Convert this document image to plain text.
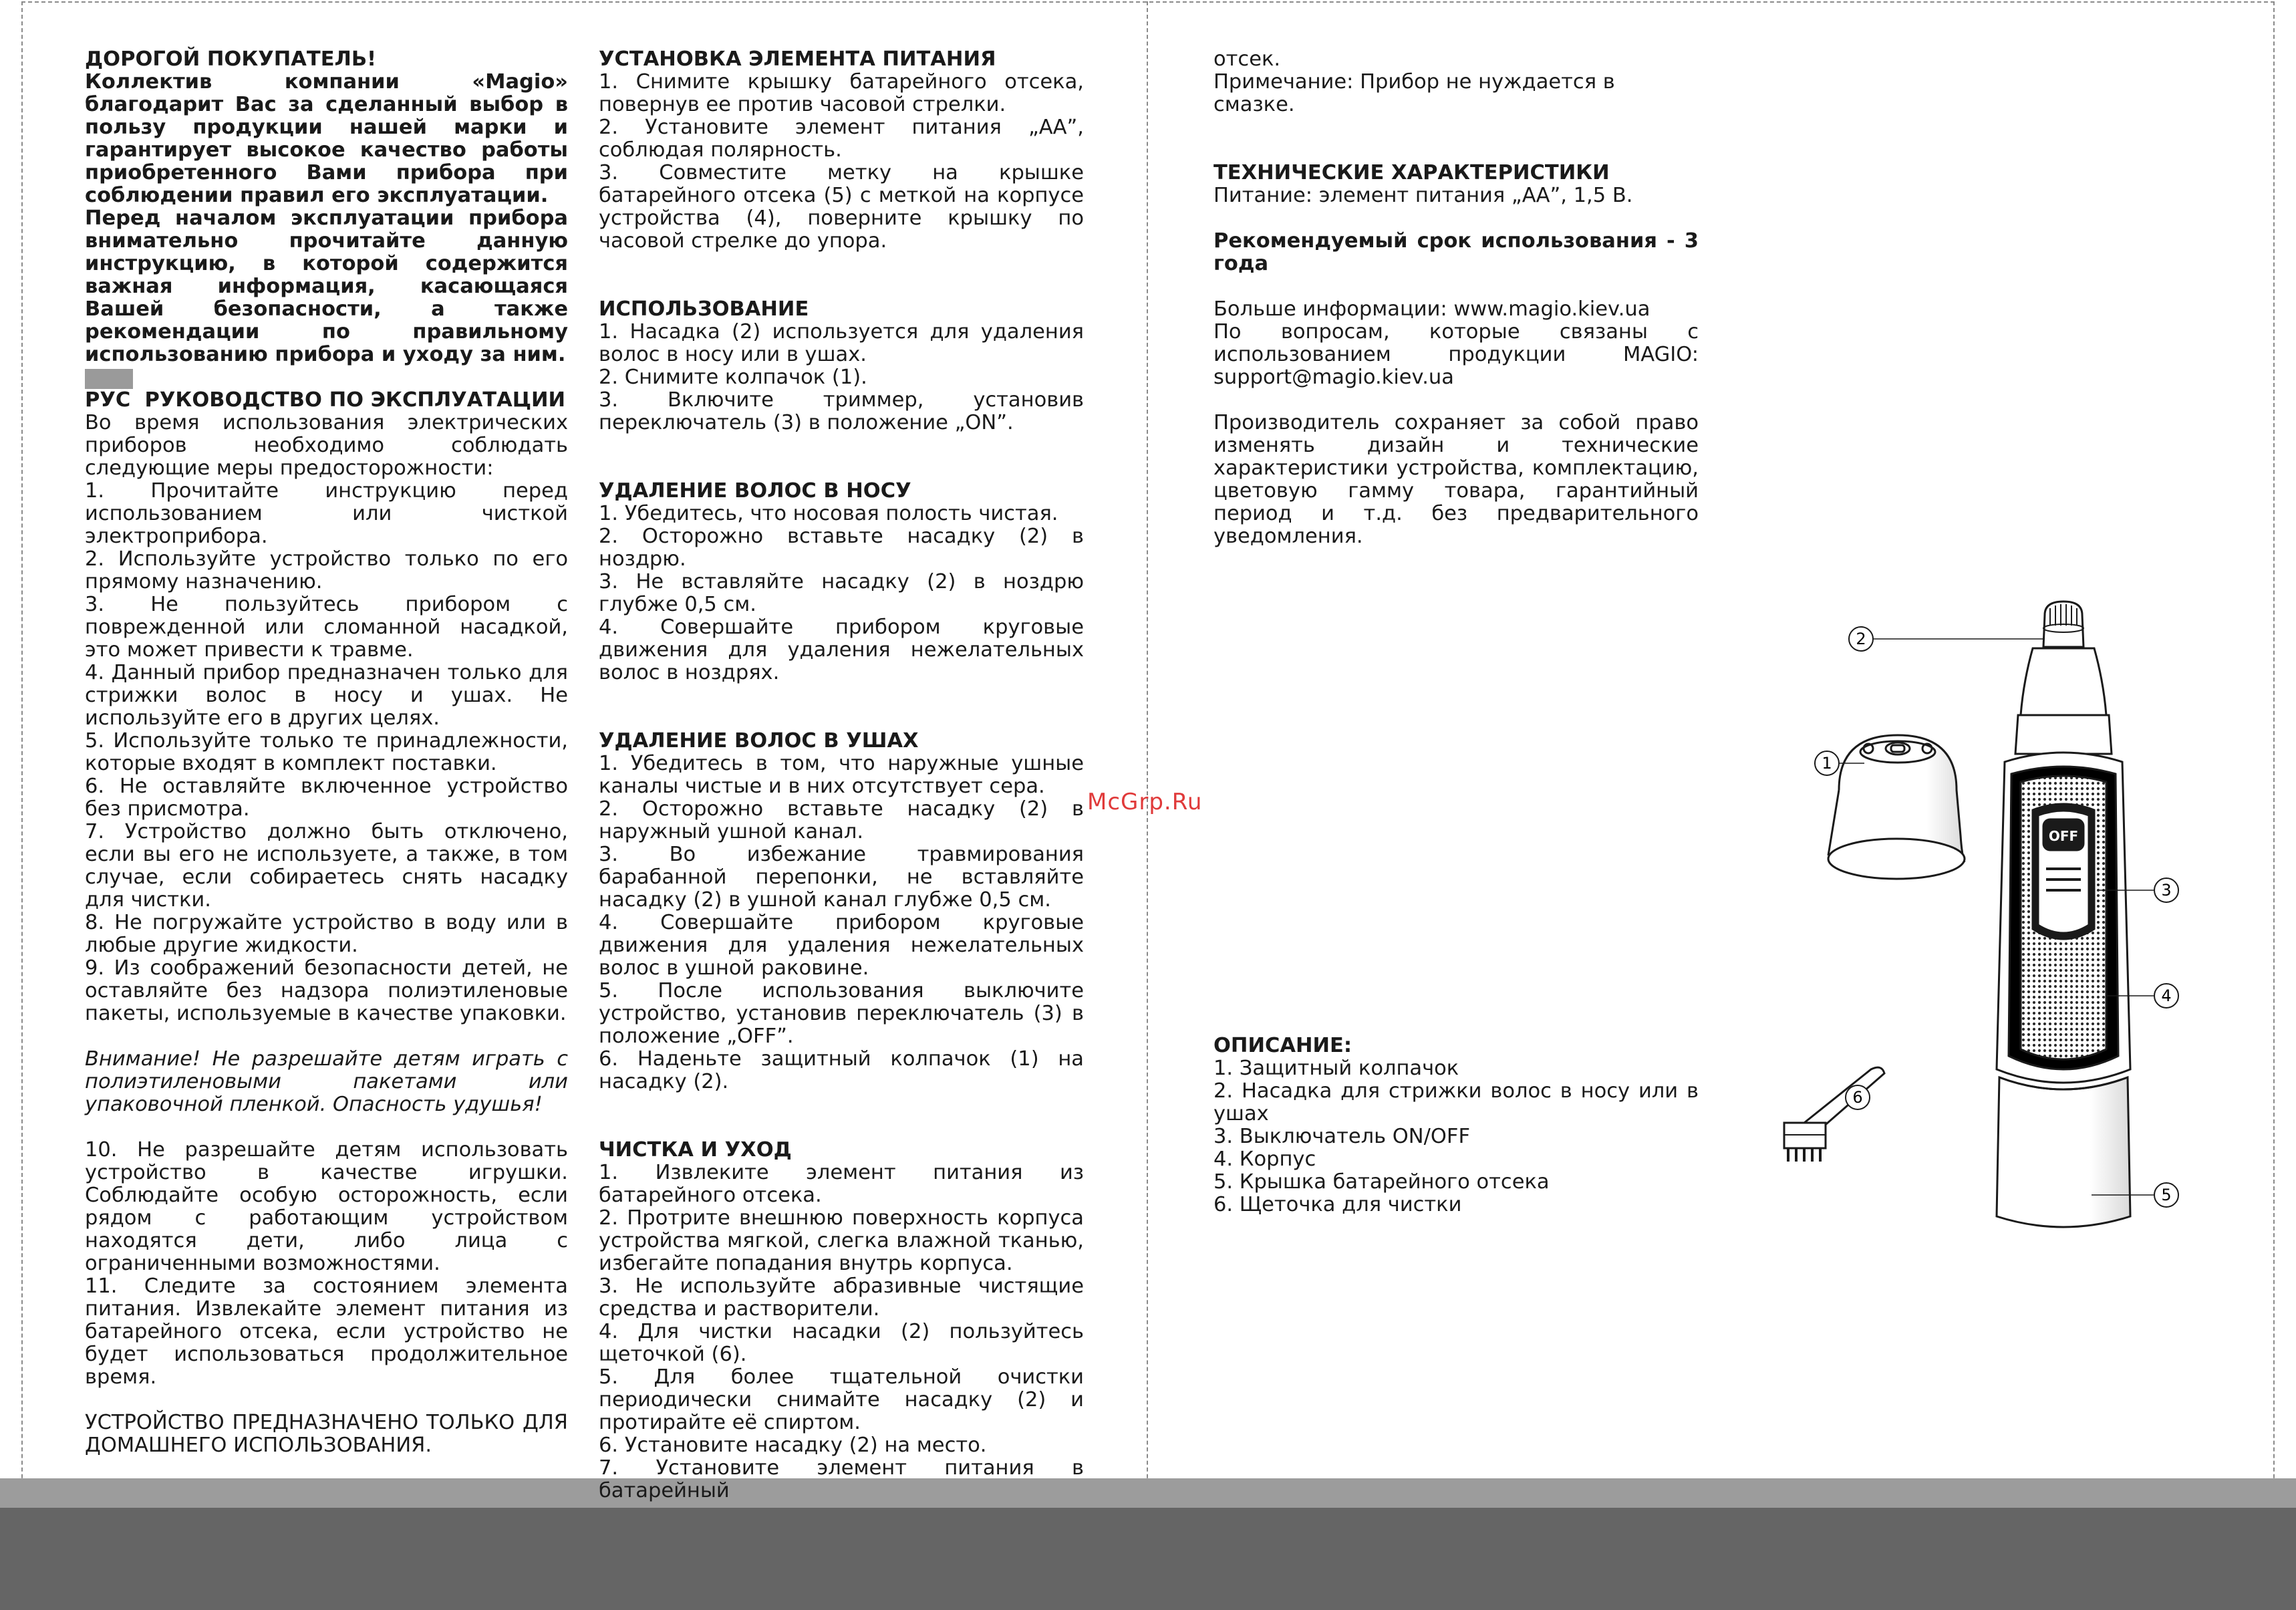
ДОРОГОЙ ПОКУПАТЕЛЬ!

Коллектив компании «Magio» благодарит Вас за сделанный выбор в пользу продукции нашей марки и гарантирует высокое качество работы приобретенного Вами прибора при соблюдении правил его эксплуатации.

Перед началом эксплуатации прибора внимательно прочитайте данную инструкцию, в которой содержится важная информация, касающаяся Вашей безопасности, а также рекомендации по правильному использованию прибора и уходу за ним.

РУС РУКОВОДСТВО ПО ЭКСПЛУАТАЦИИ

Во время использования электрических приборов необходимо соблюдать следующие меры предосторожности:

1. Прочитайте инструкцию перед использованием или чисткой электроприбора.

2. Используйте устройство только по его прямому назначению.

3. Не пользуйтесь прибором с поврежденной или сломанной насадкой, это может привести к травме.

4. Данный прибор предназначен только для стрижки волос в носу и ушах. Не используйте его в других целях.

5. Используйте только те принадлежности, которые входят в комплект поставки.

6. Не оставляйте включенное устройство без присмотра.

7. Устройство должно быть отключено, если вы его не используете, а также, в том случае, если собираетесь снять насадку для чистки.

8. Не погружайте устройство в воду или в любые другие жидкости.

9. Из соображений безопасности детей, не оставляйте без надзора полиэтиленовые пакеты, используемые в качестве упаковки.

Внимание! Не разрешайте детям играть с полиэтиленовыми пакетами или упаковочной пленкой. Опасность удушья!

10. Не разрешайте детям использовать устройство в качестве игрушки. Соблюдайте особую осторожность, если рядом с работающим устройством находятся дети, либо лица с ограниченными возможностями.

11. Следите за состоянием элемента питания. Извлекайте элемент питания из батарейного отсека, если устройство не будет использоваться продолжительное время.

УСТРОЙСТВО ПРЕДНАЗНАЧЕНО ТОЛЬКО ДЛЯ ДОМАШНЕГО ИСПОЛЬЗОВАНИЯ.

УСТАНОВКА ЭЛЕМЕНТА ПИТАНИЯ

1. Снимите крышку батарейного отсека, повернув ее против часовой стрелки.

2. Установите элемент питания „АА”, соблюдая полярность.

3. Совместите метку на крышке батарейного отсека (5) с меткой на корпусе устройства (4), поверните крышку по часовой стрелке до упора.

ИСПОЛЬЗОВАНИЕ

1. Насадка (2) используется для удаления волос в носу или в ушах.

2. Снимите колпачок (1).

3. Включите триммер, установив переключатель (3) в положение „ON”.

УДАЛЕНИЕ ВОЛОС В НОСУ

1. Убедитесь, что носовая полость чистая.

2. Осторожно вставьте насадку (2) в ноздрю.

3. Не вставляйте насадку (2) в ноздрю глубже 0,5 см.

4. Совершайте прибором круговые движения для удаления нежелательных волос в ноздрях.

УДАЛЕНИЕ ВОЛОС В УШАХ

1. Убедитесь в том, что наружные ушные каналы чистые и в них отсутствует сера.

2. Осторожно вставьте насадку (2) в наружный ушной канал.

3. Во избежание травмирования барабанной перепонки, не вставляйте насадку (2) в ушной канал глубже 0,5 см.

4. Совершайте прибором круговые движения для удаления нежелательных волос в ушной раковине.

5. После использования выключите устройство, установив переключатель (3) в положение „OFF”.

6. Наденьте защитный колпачок (1) на насадку (2).

ЧИСТКА И УХОД

1. Извлеките элемент питания из батарейного отсека.

2. Протрите внешнюю поверхность корпуса устройства мягкой, слегка влажной тканью, избегайте попадания внутрь корпуса.

3. Не используйте абразивные чистящие средства и растворители.

4. Для чистки насадки (2) пользуйтесь щеточкой (6).

5. Для более тщательной очистки периодически снимайте насадку (2) и протирайте её спиртом.

6. Установите насадку (2) на место.

7. Установите элемент питания в батарейный

отсек.

Примечание: Прибор не нуждается в смазке.

ТЕХНИЧЕСКИЕ ХАРАКТЕРИСТИКИ

Питание: элемент питания „АА”, 1,5 В.

Рекомендуемый срок использования - 3 года

Больше информации: www.magio.kiev.ua

По вопросам, которые связаны с использованием продукции MAGIO: support@magio.kiev.ua

Производитель сохраняет за собой право изменять дизайн и технические характеристики устройства, комплектацию, цветовую гамму товара, гарантийный период и т.д. без предварительного уведомления.

ОПИСАНИЕ:

1. Защитный колпачок

2. Насадка для стрижки волос в носу или в ушах

3. Выключатель ON/OFF

4. Корпус

5. Крышка батарейного отсека

6. Щеточка для чистки

McGrp.Ru
OFF
1
2
3
4
5
6
